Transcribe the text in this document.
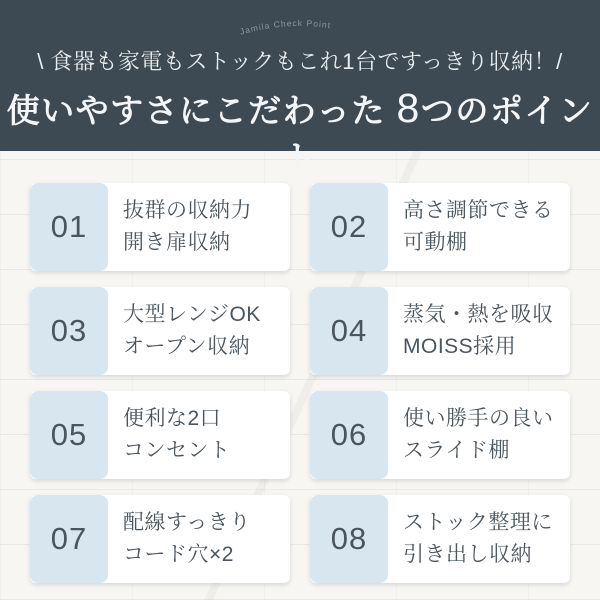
Jamila Check Point
\ 食器も家電もストックもこれ1台ですっきり収納！/
使いやすさにこだわった 8つのポイント
01 抜群の収納力
開き扉収納	02 高さ調節できる
可動棚
03 大型レンジOK
オープン収納	04 蒸気・熱を吸収
MOISS採用
05 便利な2口
コンセント	06 使い勝手の良い
スライド棚
07 配線すっきり
コード穴×2	08 ストック整理に
引き出し収納
